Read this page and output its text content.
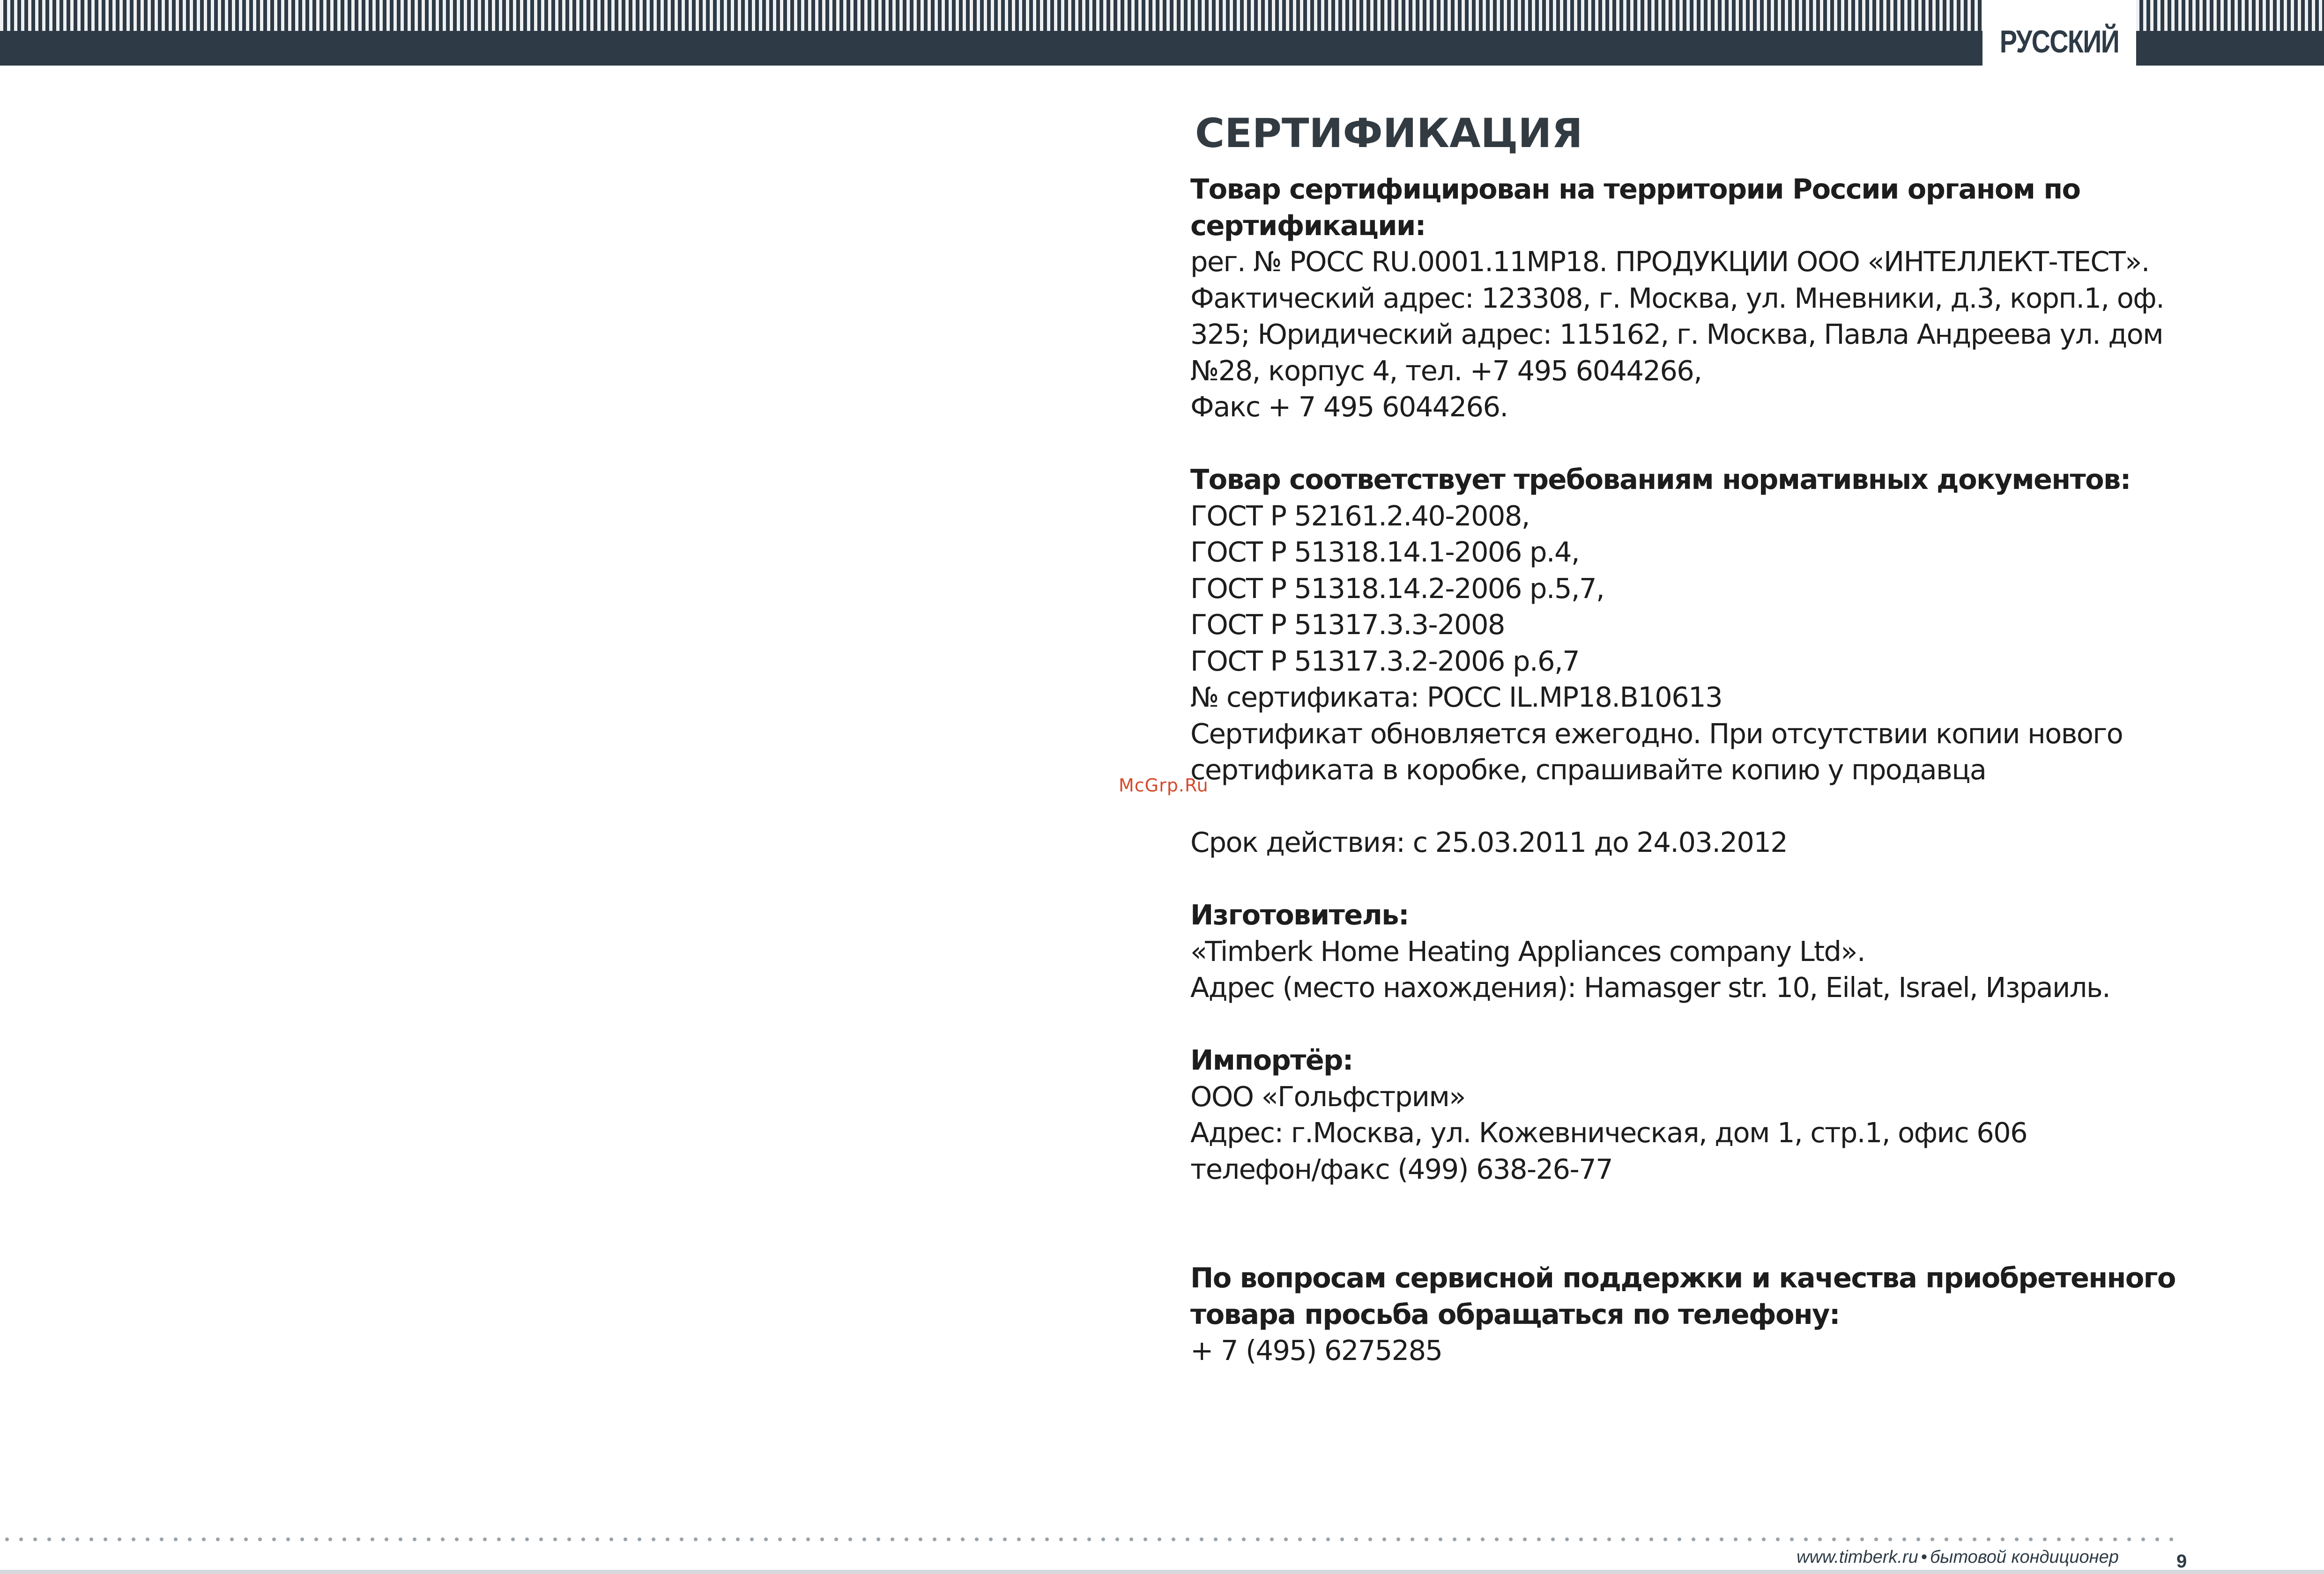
РУССКИЙ
СЕРТИФИКАЦИЯ
Товар сертифицирован на территории России органом по
сертификации:
рег. № РОСС RU.0001.11МР18. ПРОДУКЦИИ ООО «ИНТЕЛЛЕКТ-ТЕСТ».
Фактический адрес: 123308, г. Москва, ул. Мневники, д.3, корп.1, оф.
325; Юридический адрес: 115162, г. Москва, Павла Андреева ул. дом
№28, корпус 4, тел. +7 495 6044266,
Факс + 7 495 6044266.
Товар соответствует требованиям нормативных документов:
ГОСТ Р 52161.2.40-2008,
ГОСТ Р 51318.14.1-2006 р.4,
ГОСТ Р 51318.14.2-2006 р.5,7,
ГОСТ Р 51317.3.3-2008
ГОСТ Р 51317.3.2-2006 р.6,7
№ сертификата: РОСС IL.МР18.В10613
Сертификат обновляется ежегодно. При отсутствии копии нового
сертификата в коробке, спрашивайте копию у продавца
Срок действия: с 25.03.2011 до 24.03.2012
Изготовитель:
«Timberk Home Heating Appliances company Ltd».
Адрес (место нахождения): Hamasger str. 10, Eilat, Israel, Израиль.
Импортёр:
ООО «Гольфстрим»
Адрес: г.Москва, ул. Кожевническая, дом 1, стр.1, офис 606
телефон/факс (499) 638-26-77
По вопросам сервисной поддержки и качества приобретенного
товара просьба обращаться по телефону:
+ 7 (495) 6275285
McGrp.Ru
www.timberk.ru • бытовой кондиционер	9
